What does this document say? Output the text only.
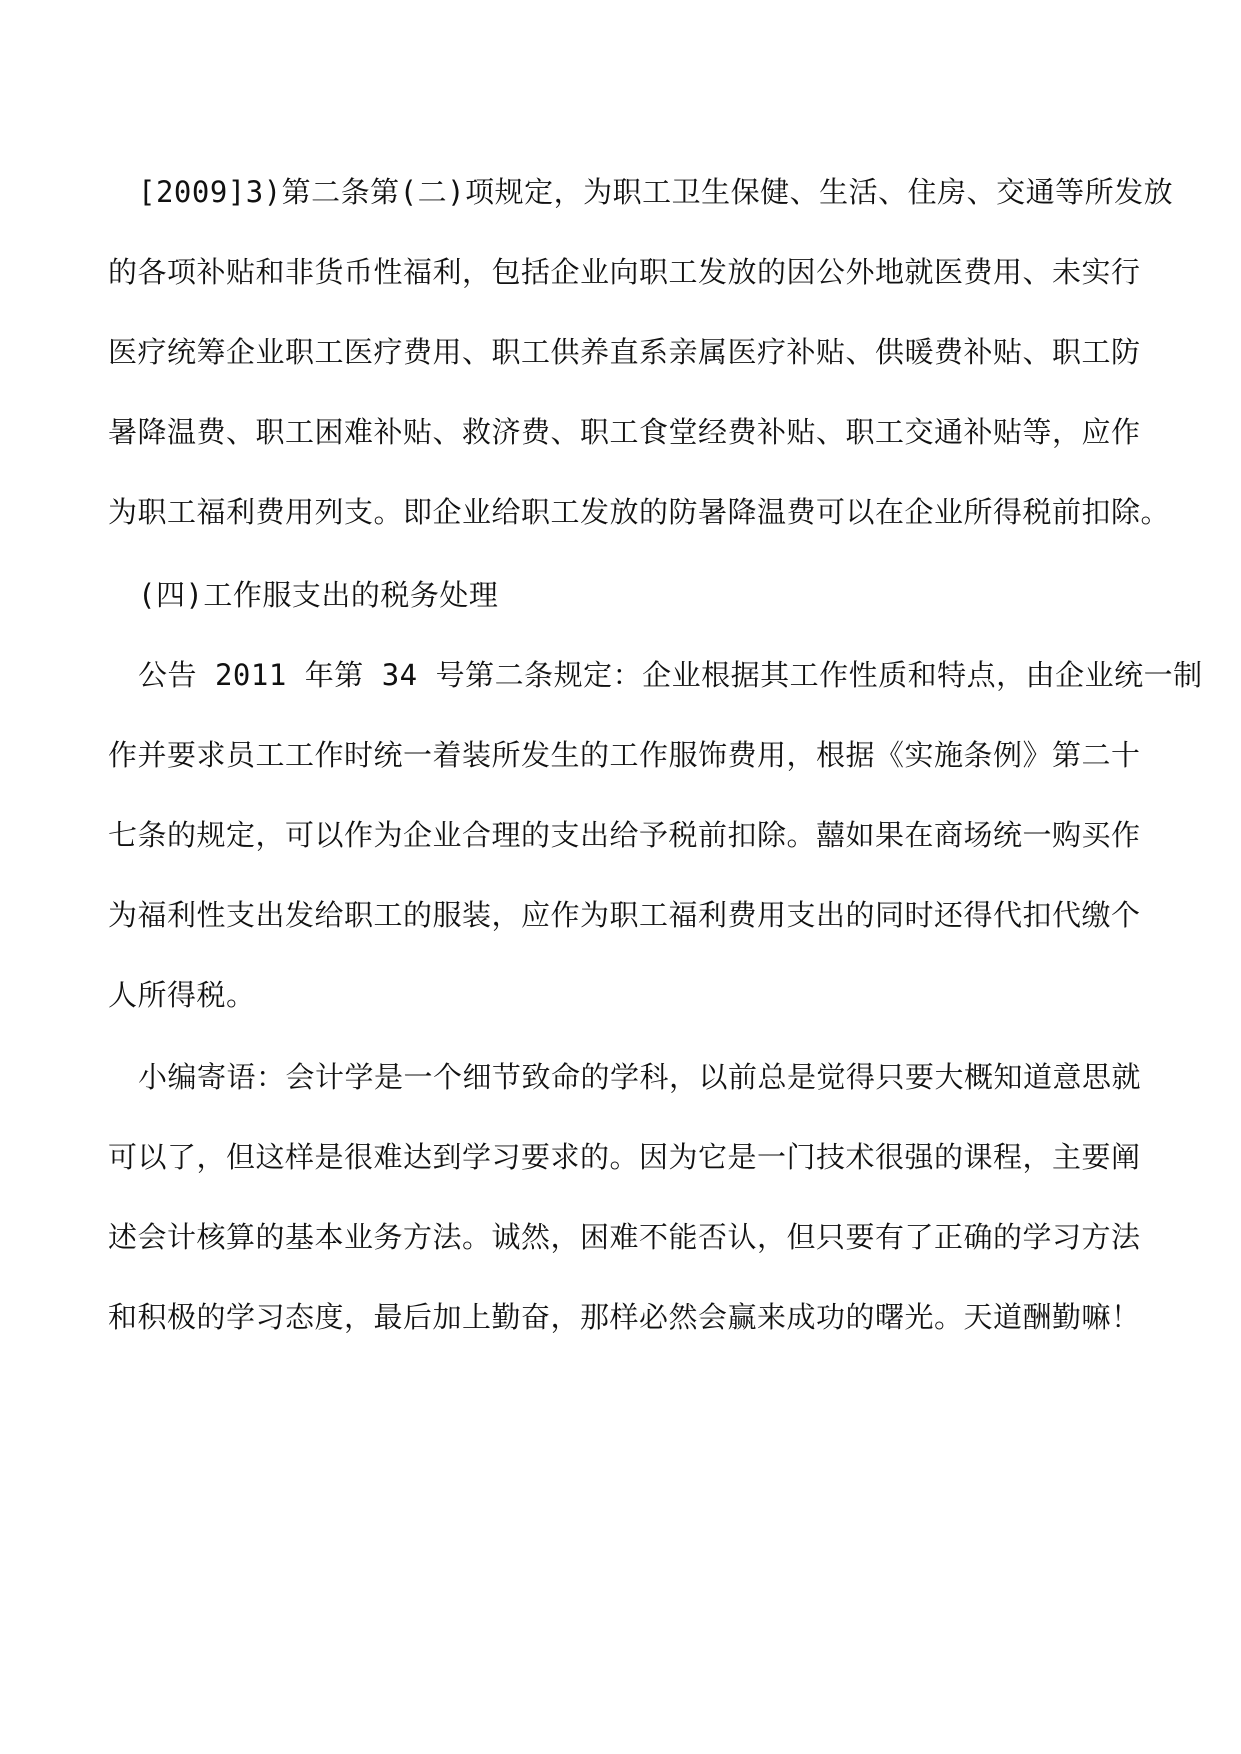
[2009]3)第二条第(二)项规定，为职工卫生保健、生活、住房、交通等所发放
的各项补贴和非货币性福利，包括企业向职工发放的因公外地就医费用、未实行
医疗统筹企业职工医疗费用、职工供养直系亲属医疗补贴、供暖费补贴、职工防
暑降温费、职工困难补贴、救济费、职工食堂经费补贴、职工交通补贴等，应作
为职工福利费用列支。即企业给职工发放的防暑降温费可以在企业所得税前扣除。
(四)工作服支出的税务处理
公告 2011 年第 34 号第二条规定：企业根据其工作性质和特点，由企业统一制
作并要求员工工作时统一着装所发生的工作服饰费用，根据《实施条例》第二十
七条的规定，可以作为企业合理的支出给予税前扣除。囍如果在商场统一购买作
为福利性支出发给职工的服装，应作为职工福利费用支出的同时还得代扣代缴个
人所得税。
小编寄语：会计学是一个细节致命的学科，以前总是觉得只要大概知道意思就
可以了，但这样是很难达到学习要求的。因为它是一门技术很强的课程，主要阐
述会计核算的基本业务方法。诚然，困难不能否认，但只要有了正确的学习方法
和积极的学习态度，最后加上勤奋，那样必然会赢来成功的曙光。天道酬勤嘛！
